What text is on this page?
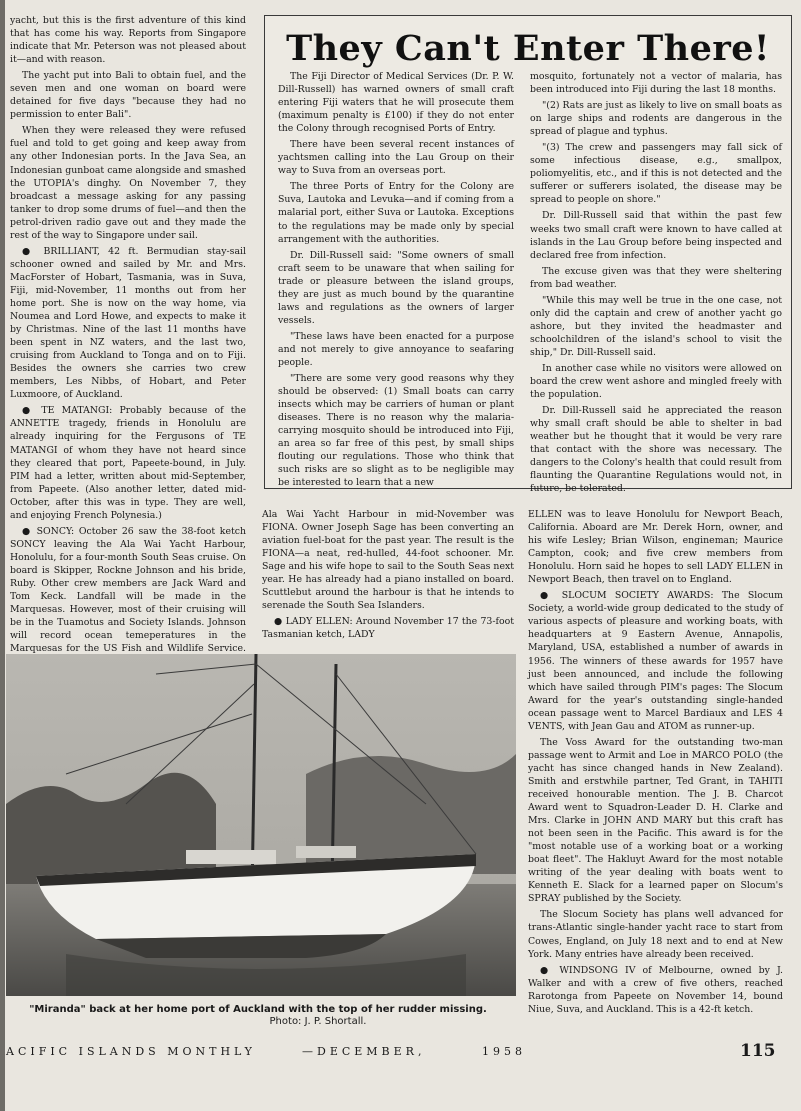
yacht, but this is the first adventure of this kind that has come his way. Reports from Singapore indicate that Mr. Peterson was not pleased about it—and with reason.

The yacht put into Bali to obtain fuel, and the seven men and one woman on board were detained for five days "because they had no permission to enter Bali".

When they were released they were refused fuel and told to get going and keep away from any other Indonesian ports. In the Java Sea, an Indonesian gunboat came alongside and smashed the UTOPIA's dinghy. On November 7, they broadcast a message asking for any passing tanker to drop some drums of fuel—and then the petrol-driven radio gave out and they made the rest of the way to Singapore under sail.

● BRILLIANT, 42 ft. Bermudian stay-sail schooner owned and sailed by Mr. and Mrs. MacForster of Hobart, Tasmania, was in Suva, Fiji, mid-November, 11 months out from her home port. She is now on the way home, via Noumea and Lord Howe, and expects to make it by Christmas. Nine of the last 11 months have been spent in NZ waters, and the last two, cruising from Auckland to Tonga and on to Fiji. Besides the owners she carries two crew members, Les Nibbs, of Hobart, and Peter Luxmoore, of Auckland.

● TE MATANGI: Probably because of the ANNETTE tragedy, friends in Honolulu are already inquiring for the Fergusons of TE MATANGI of whom they have not heard since they cleared that port, Papeete-bound, in July. PIM had a letter, written about mid-September, from Papeete. (Also another letter, dated mid-October, after this was in type. They are well, and enjoying French Polynesia.)

● SONCY: October 26 saw the 38-foot ketch SONCY leaving the Ala Wai Yacht Harbour, Honolulu, for a four-month South Seas cruise. On board is Skipper, Rockne Johnson and his bride, Ruby. Other crew members are Jack Ward and Tom Keck. Landfall will be made in the Marquesas. However, most of their cruising will be in the Tuamotus and Society Islands. Johnson will record ocean temeperatures in the Marquesas for the US Fish and Wildlife Service.

They Can't Enter There!

The Fiji Director of Medical Services (Dr. P. W. Dill-Russell) has warned owners of small craft entering Fiji waters that he will prosecute them (maximum penalty is £100) if they do not enter the Colony through recognised Ports of Entry.

There have been several recent instances of yachtsmen calling into the Lau Group on their way to Suva from an overseas port.

The three Ports of Entry for the Colony are Suva, Lautoka and Levuka—and if coming from a malarial port, either Suva or Lautoka. Exceptions to the regulations may be made only by special arrangement with the authorities.

Dr. Dill-Russell said: "Some owners of small craft seem to be unaware that when sailing for trade or pleasure between the island groups, they are just as much bound by the quarantine laws and regulations as the owners of larger vessels.

"These laws have been enacted for a purpose and not merely to give annoyance to seafaring people.

"There are some very good reasons why they should be observed: (1) Small boats can carry insects which may be carriers of human or plant diseases. There is no reason why the malaria-carrying mosquito should be introduced into Fiji, an area so far free of this pest, by small ships flouting our regulations. Those who think that such risks are so slight as to be negligible may be interested to learn that a new

mosquito, fortunately not a vector of malaria, has been introduced into Fiji during the last 18 months.

"(2) Rats are just as likely to live on small boats as on large ships and rodents are dangerous in the spread of plague and typhus.

"(3) The crew and passengers may fall sick of some infectious disease, e.g., smallpox, poliomyelitis, etc., and if this is not detected and the sufferer or sufferers isolated, the disease may be spread to people on shore."

Dr. Dill-Russell said that within the past few weeks two small craft were known to have called at islands in the Lau Group before being inspected and declared free from infection.

The excuse given was that they were sheltering from bad weather.

"While this may well be true in the one case, not only did the captain and crew of another yacht go ashore, but they invited the headmaster and schoolchildren of the island's school to visit the ship," Dr. Dill-Russell said.

In another case while no visitors were allowed on board the crew went ashore and mingled freely with the population.

Dr. Dill-Russell said he appreciated the reason why small craft should be able to shelter in bad weather but he thought that it would be very rare that contact with the shore was necessary. The dangers to the Colony's health that could result from flaunting the Quarantine Regulations would not, in future, be tolerated.

Ala Wai Yacht Harbour in mid-November was FIONA. Owner Joseph Sage has been converting an aviation fuel-boat for the past year. The result is the FIONA—a neat, red-hulled, 44-foot schooner. Mr. Sage and his wife hope to sail to the South Seas next year. He has already had a piano installed on board. Scuttlebut around the harbour is that he intends to serenade the South Sea Islanders.

● LADY ELLEN: Around November 17 the 73-foot Tasmanian ketch, LADY

ELLEN was to leave Honolulu for Newport Beach, California. Aboard are Mr. Derek Horn, owner, and his wife Lesley; Brian Wilson, engineman; Maurice Campton, cook; and five crew members from Honolulu. Horn said he hopes to sell LADY ELLEN in Newport Beach, then travel on to England.

● SLOCUM SOCIETY AWARDS: The Slocum Society, a world-wide group dedicated to the study of various aspects of pleasure and working boats, with headquarters at 9 Eastern Avenue, Annapolis, Maryland, USA, established a number of awards in 1956. The winners of these awards for 1957 have just been announced, and include the following which have sailed through PIM's pages: The Slocum Award for the year's outstanding single-handed ocean passage went to Marcel Bardiaux and LES 4 VENTS, with Jean Gau and ATOM as runner-up.

The Voss Award for the outstanding two-man passage went to Armit and Loe in MARCO POLO (the yacht has since changed hands in New Zealand). Smith and erstwhile partner, Ted Grant, in TAHITI received honourable mention. The J. B. Charcot Award went to Squadron-Leader D. H. Clarke and Mrs. Clarke in JOHN AND MARY but this craft has not been seen in the Pacific. This award is for the "most notable use of a working boat or a working boat fleet". The Hakluyt Award for the most notable writing of the year dealing with boats went to Kenneth E. Slack for a learned paper on Slocum's SPRAY published by the Society.

The Slocum Society has plans well advanced for trans-Atlantic single-hander yacht race to start from Cowes, England, on July 18 next and to end at New York. Many entries have already been received.

● WINDSONG IV of Melbourne, owned by J. Walker and with a crew of five others, reached Rarotonga from Papeete on November 14, bound Niue, Suva, and Auckland. This is a 42-ft ketch.

"Miranda" back at her home port of Auckland with the top of her rudder missing.
Photo: J. P. Shortall.
ACIFIC ISLANDS MONTHLY	—DECEMBER,	1958	115
